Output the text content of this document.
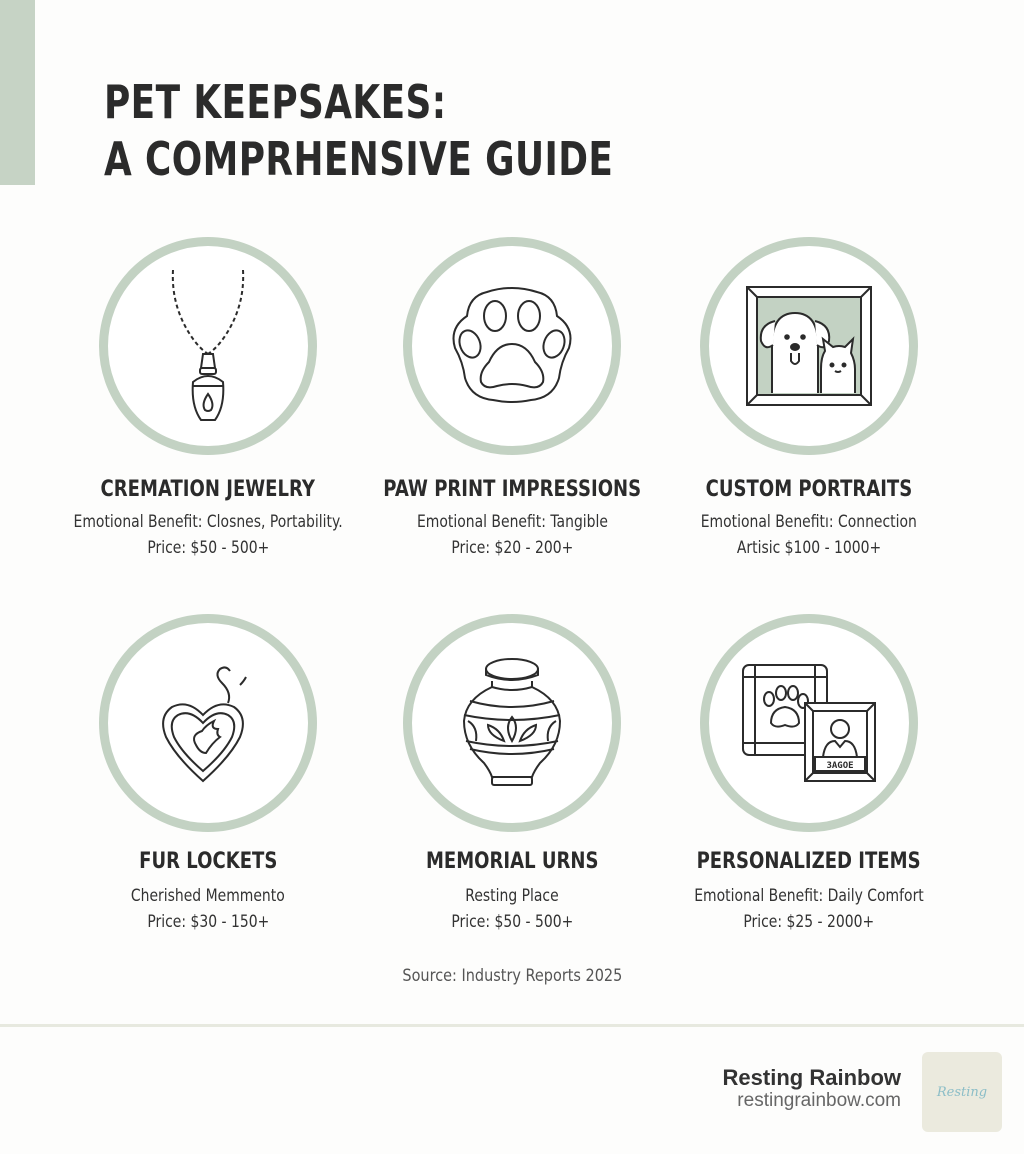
PET KEEPSAKES:
A COMPRHENSIVE GUIDE
CREMATION JEWELRY
Emotional Benefit: Closnes, Portability.
Price: $50 - 500+
PAW PRINT IMPRESSIONS
Emotional Benefit: Tangible
Price: $20 - 200+
CUSTOM PORTRAITS
Emotional Benefitı: Connection
Artisic $100 - 1000+
FUR LOCKETS
Cherished Memmento
Price: $30 - 150+
MEMORIAL URNS
Resting Place
Price: $50 - 500+
3AGOE
PERSONALIZED ITEMS
Emotional Benefit: Daily Comfort
Price: $25 - 2000+
Source: Industry Reports 2025
Resting Rainbow
restingrainbow.com	Resting
